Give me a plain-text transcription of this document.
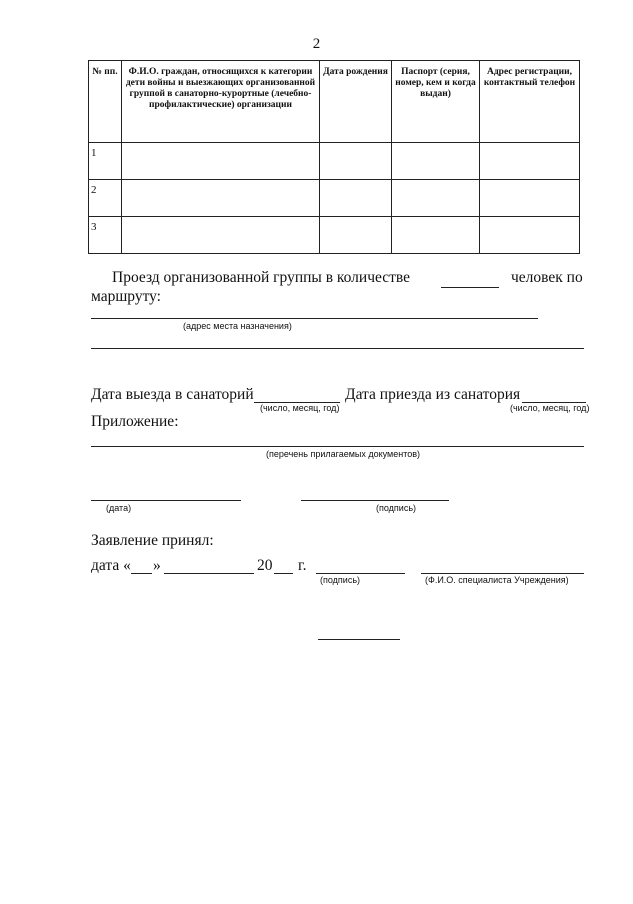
2
№ пп.	Ф.И.О. граждан, относящихся к категории дети войны и выезжающих организованной группой в санаторно-курортные (лечебно-профилактические) организации	Дата рождения	Паспорт (серия, номер, кем и когда выдан)	Адрес регистрации, контактный телефон
1				
2				
3				
Проезд организованной группы в количестве	человек по
маршруту:
(адрес места назначения)
Дата выезда в санаторий
(число, месяц, год)
Дата приезда из санатория
(число, месяц, год)
Приложение:
(перечень прилагаемых документов)
(дата)	(подпись)
Заявление принял:
дата « »	20 г.
(подпись)	(Ф.И.О. специалиста Учреждения)
